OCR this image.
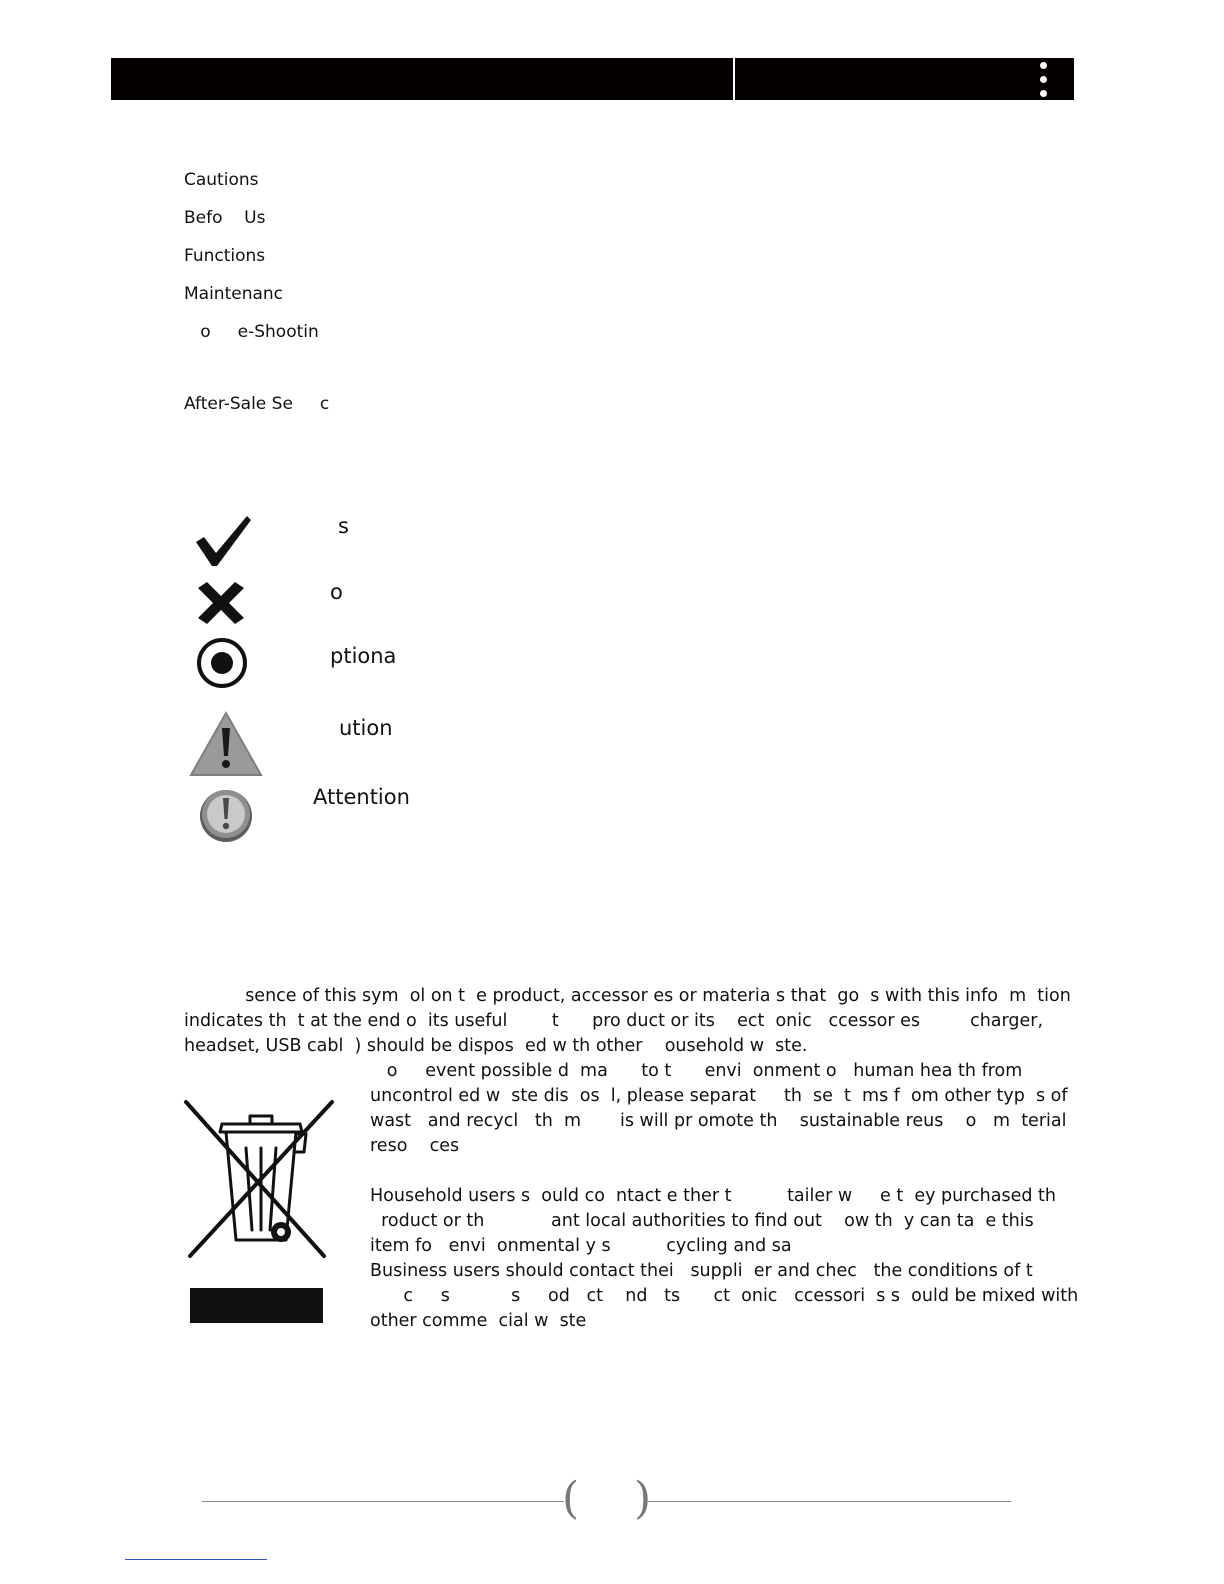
Cautions
Befo    Us
Functions
Maintenanc
o     e-Shootin
After-Sale Se     c
s
o
ptiona
ution
Attention
sence of this sym  ol on t  e product, accessor es or materia s that  go  s with this info  m  tion
indicates th  t at the end o  its useful        t      pro duct or its    ect  onic   ccessor es         charger,
headset, USB cabl  ) should be dispos  ed w th other    ousehold w  ste.
o     event possible d  ma      to t      envi  onment o   human hea th from
uncontrol ed w  ste dis  os  l, please separat     th  se  t  ms f  om other typ  s of
wast   and recycl   th  m       is will pr omote th    sustainable reus    o   m  terial
reso    ces
Household users s  ould co  ntact e ther t          tailer w     e t  ey purchased th
roduct or th            ant local authorities to find out    ow th  y can ta  e this
item fo   envi  onmental y s          cycling and sa
Business users should contact thei   suppli  er and chec   the conditions of t
c     s           s     od   ct    nd   ts      ct  onic   ccessori  s s  ould be mixed with
other comme  cial w  ste
( )
